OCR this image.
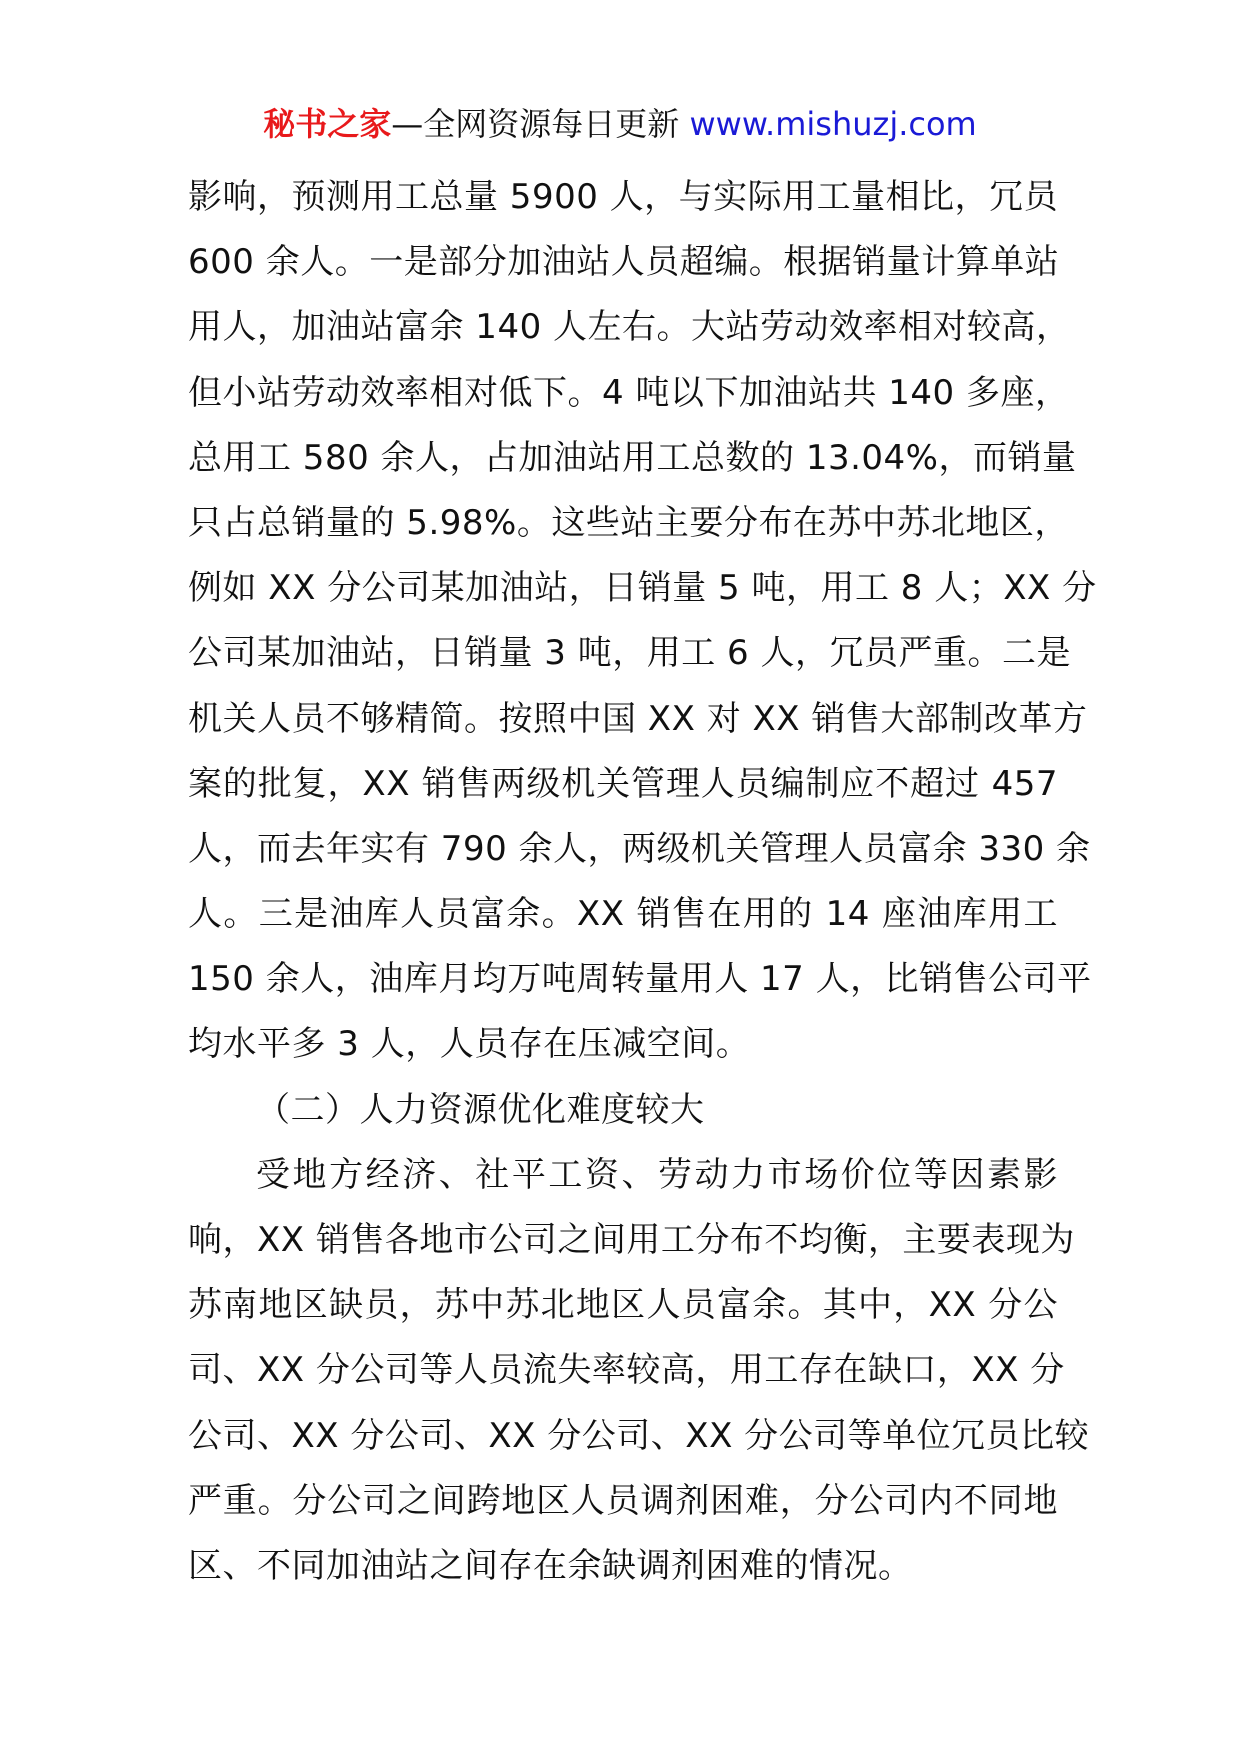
秘书之家—全网资源每日更新 www.mishuzj.com
影响，预测用工总量 5900 人，与实际用工量相比，冗员
600 余人。一是部分加油站人员超编。根据销量计算单站
用人，加油站富余 140 人左右。大站劳动效率相对较高，
但小站劳动效率相对低下。4 吨以下加油站共 140 多座，
总用工 580 余人，占加油站用工总数的 13.04%，而销量
只占总销量的 5.98%。这些站主要分布在苏中苏北地区，
例如 XX 分公司某加油站，日销量 5 吨，用工 8 人；XX 分
公司某加油站，日销量 3 吨，用工 6 人，冗员严重。二是
机关人员不够精简。按照中国 XX 对 XX 销售大部制改革方
案的批复，XX 销售两级机关管理人员编制应不超过 457
人，而去年实有 790 余人，两级机关管理人员富余 330 余
人。三是油库人员富余。XX 销售在用的 14 座油库用工
150 余人，油库月均万吨周转量用人 17 人，比销售公司平
均水平多 3 人，人员存在压减空间。
（二）人力资源优化难度较大
受地方经济、社平工资、劳动力市场价位等因素影
响，XX 销售各地市公司之间用工分布不均衡，主要表现为
苏南地区缺员，苏中苏北地区人员富余。其中，XX 分公
司、XX 分公司等人员流失率较高，用工存在缺口，XX 分
公司、XX 分公司、XX 分公司、XX 分公司等单位冗员比较
严重。分公司之间跨地区人员调剂困难，分公司内不同地
区、不同加油站之间存在余缺调剂困难的情况。
